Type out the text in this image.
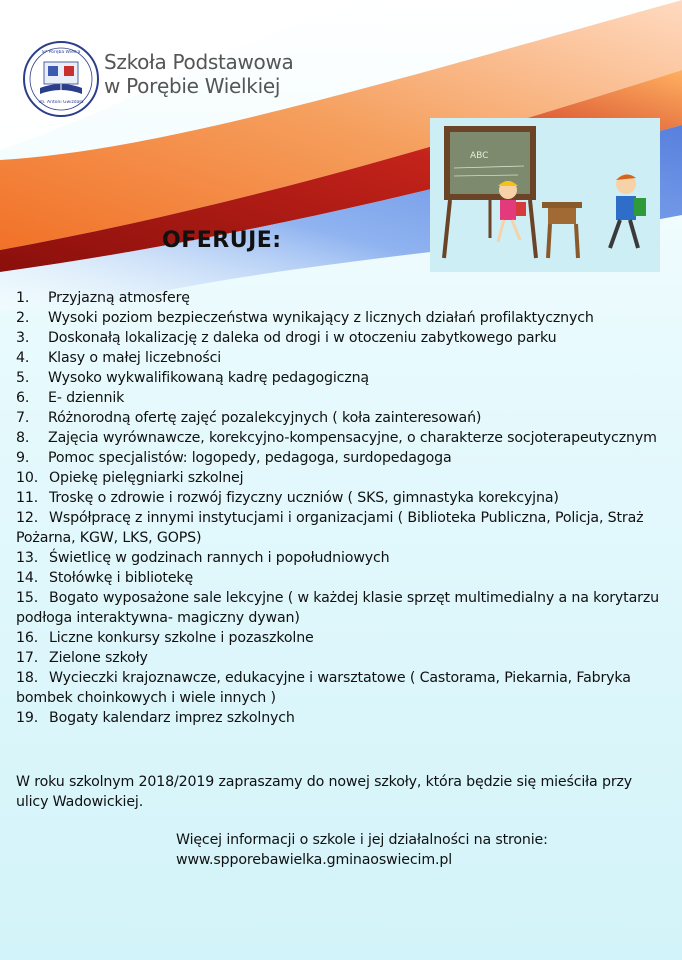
SP Poręba Wielka
im. Antoni Gwizdała
Szkoła Podstawowa
w Porębie Wielkiej
ABC
OFERUJE:
1. Przyjazną atmosferę
2. Wysoki poziom bezpieczeństwa wynikający z licznych działań profilaktycznych
3. Doskonałą lokalizację z daleka od drogi i w otoczeniu zabytkowego parku
4. Klasy o małej liczebności
5. Wysoko wykwalifikowaną kadrę pedagogiczną
6. E- dziennik
7. Różnorodną ofertę zajęć pozalekcyjnych ( koła zainteresowań)
8. Zajęcia wyrównawcze, korekcyjno-kompensacyjne, o charakterze socjoterapeutycznym
9. Pomoc specjalistów: logopedy, pedagoga, surdopedagoga
10. Opiekę pielęgniarki szkolnej
11. Troskę o zdrowie i rozwój fizyczny uczniów ( SKS, gimnastyka korekcyjna)
12. Współpracę z innymi instytucjami i organizacjami ( Biblioteka Publiczna, Policja, Straż Pożarna, KGW, LKS, GOPS)
13. Świetlicę w godzinach rannych i popołudniowych
14. Stołówkę i bibliotekę
15. Bogato wyposażone sale lekcyjne ( w każdej klasie sprzęt multimedialny a na korytarzu podłoga interaktywna- magiczny dywan)
16. Liczne konkursy szkolne i pozaszkolne
17. Zielone szkoły
18. Wycieczki krajoznawcze, edukacyjne i warsztatowe ( Castorama, Piekarnia, Fabryka bombek choinkowych i wiele innych )
19. Bogaty kalendarz imprez szkolnych
W roku szkolnym 2018/2019 zapraszamy do nowej szkoły, która będzie się mieściła przy ulicy Wadowickiej.
Więcej informacji o szkole i jej działalności na stronie:
www.spporebawielka.gminaoswiecim.pl
